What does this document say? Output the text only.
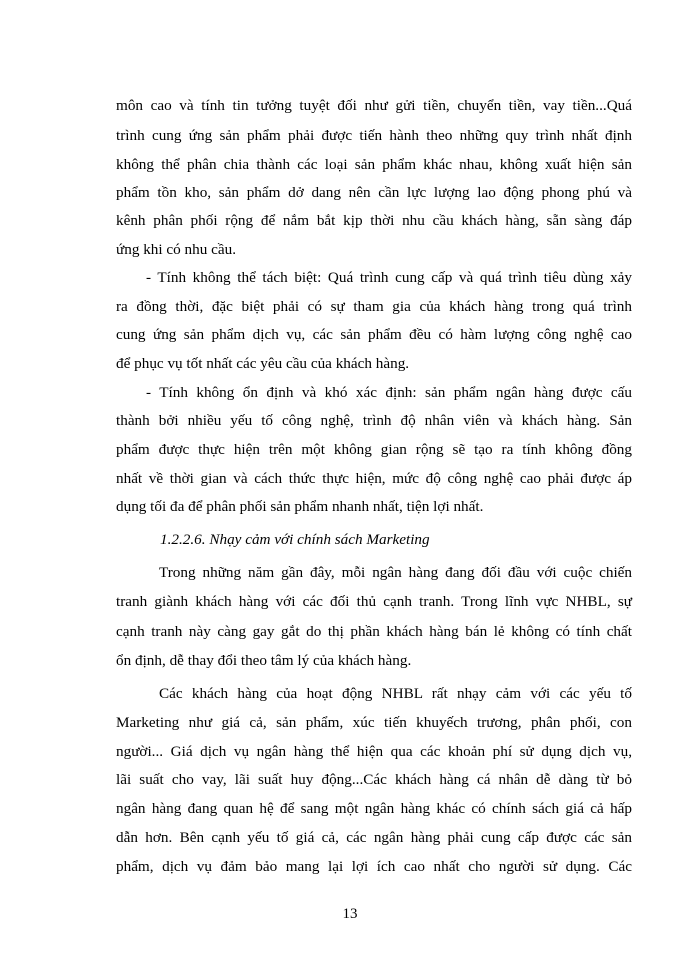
môn cao và tính tin tưởng tuyệt đối như gửi tiền, chuyển tiền, vay tiền...Quá
trình cung ứng sản phẩm phải được tiến hành theo những quy trình nhất định
không thể phân chia thành các loại sản phẩm khác nhau, không xuất hiện sản
phẩm tồn kho, sản phẩm dở dang nên cần lực lượng lao động phong phú và
kênh phân phối rộng để nắm bắt kịp thời nhu cầu khách hàng, sẵn sàng đáp
ứng khi có nhu cầu.
- Tính không thể tách biệt: Quá trình cung cấp và quá trình tiêu dùng xảy
ra đồng thời, đặc biệt phải có sự tham gia của khách hàng trong quá trình
cung ứng sản phẩm dịch vụ, các sản phẩm đều có hàm lượng công nghệ cao
để phục vụ tốt nhất các yêu cầu của khách hàng.
- Tính không ổn định và khó xác định: sản phẩm ngân hàng được cấu
thành bởi nhiều yếu tố công nghệ, trình độ nhân viên và khách hàng. Sản
phẩm được thực hiện trên một không gian rộng sẽ tạo ra tính không đồng
nhất về thời gian và cách thức thực hiện, mức độ công nghệ cao phải được áp
dụng tối đa để phân phối sản phẩm nhanh nhất, tiện lợi nhất.
1.2.2.6. Nhạy cảm với chính sách Marketing
Trong những năm gần đây, mỗi ngân hàng đang đối đầu với cuộc chiến
tranh giành khách hàng với các đối thủ cạnh tranh. Trong lĩnh vực NHBL, sự
cạnh tranh này càng gay gắt do thị phần khách hàng bán lẻ không có tính chất
ổn định, dễ thay đổi theo tâm lý của khách hàng.
Các khách hàng của hoạt động NHBL rất nhạy cảm với các yếu tố
Marketing như giá cả, sản phẩm, xúc tiến khuyếch trương, phân phối, con
người... Giá dịch vụ ngân hàng thể hiện qua các khoản phí sử dụng dịch vụ,
lãi suất cho vay, lãi suất huy động...Các khách hàng cá nhân dễ dàng từ bỏ
ngân hàng đang quan hệ để sang một ngân hàng khác có chính sách giá cả hấp
dẫn hơn. Bên cạnh yếu tố giá cả, các ngân hàng phải cung cấp được các sản
phẩm, dịch vụ đảm bảo mang lại lợi ích cao nhất cho người sử dụng. Các
13
